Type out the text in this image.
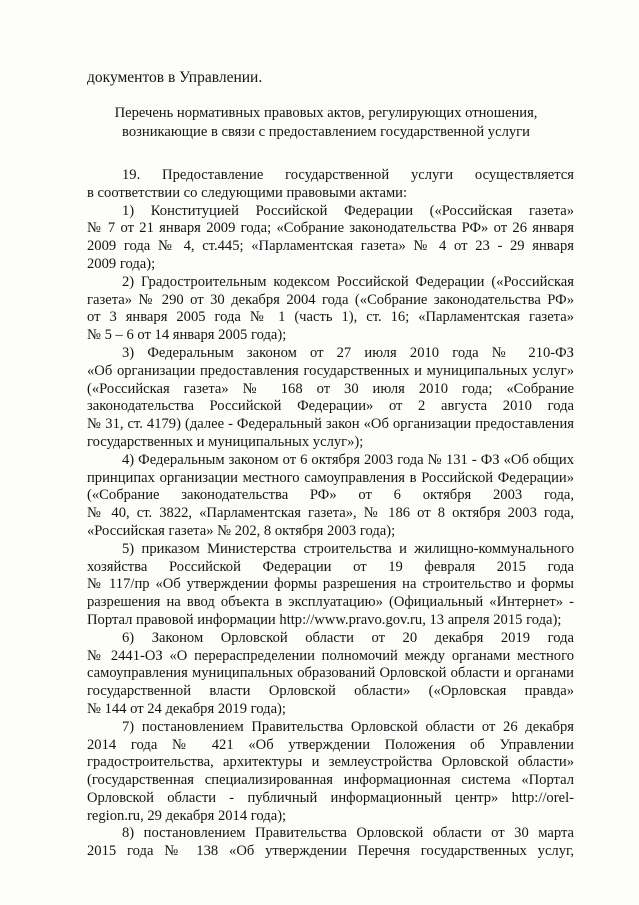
документов в Управлении.
Перечень нормативных правовых актов, регулирующих отношения,
возникающие в связи с предоставлением государственной услуги
19. Предоставление государственной услуги осуществляется
в соответствии со следующими правовыми актами:
1) Конституцией Российской Федерации («Российская газета»
№ 7 от 21 января 2009 года; «Собрание законодательства РФ» от 26 января
2009 года № 4, ст.445; «Парламентская газета» № 4 от 23 - 29 января
2009 года);
2) Градостроительным кодексом Российской Федерации («Российская
газета» № 290 от 30 декабря 2004 года («Собрание законодательства РФ»
от 3 января 2005 года № 1 (часть 1), ст. 16; «Парламентская газета»
№ 5 – 6 от 14 января 2005 года);
3) Федеральным законом от 27 июля 2010 года № 210-ФЗ
«Об организации предоставления государственных и муниципальных услуг»
(«Российская газета» № 168 от 30 июля 2010 года; «Собрание
законодательства Российской Федерации» от 2 августа 2010 года
№ 31, ст. 4179) (далее - Федеральный закон «Об организации предоставления
государственных и муниципальных услуг»);
4) Федеральным законом от 6 октября 2003 года № 131 - ФЗ «Об общих
принципах организации местного самоуправления в Российской Федерации»
(«Собрание законодательства РФ» от 6 октября 2003 года,
№ 40, ст. 3822, «Парламентская газета», № 186 от 8 октября 2003 года,
«Российская газета» № 202, 8 октября 2003 года);
5) приказом Министерства строительства и жилищно-коммунального
хозяйства Российской Федерации от 19 февраля 2015 года
№ 117/пр «Об утверждении формы разрешения на строительство и формы
разрешения на ввод объекта в эксплуатацию» (Официальный «Интернет» -
Портал правовой информации http://www.pravo.gov.ru, 13 апреля 2015 года);
6) Законом Орловской области от 20 декабря 2019 года
№ 2441-ОЗ «О перераспределении полномочий между органами местного
самоуправления муниципальных образований Орловской области и органами
государственной власти Орловской области» («Орловская правда»
№ 144 от 24 декабря 2019 года);
7) постановлением Правительства Орловской области от 26 декабря
2014 года № 421 «Об утверждении Положения об Управлении
градостроительства, архитектуры и землеустройства Орловской области»
(государственная специализированная информационная система «Портал
Орловской области - публичный информационный центр» http://orel-
region.ru, 29 декабря 2014 года);
8) постановлением Правительства Орловской области от 30 марта
2015 года № 138 «Об утверждении Перечня государственных услуг,
